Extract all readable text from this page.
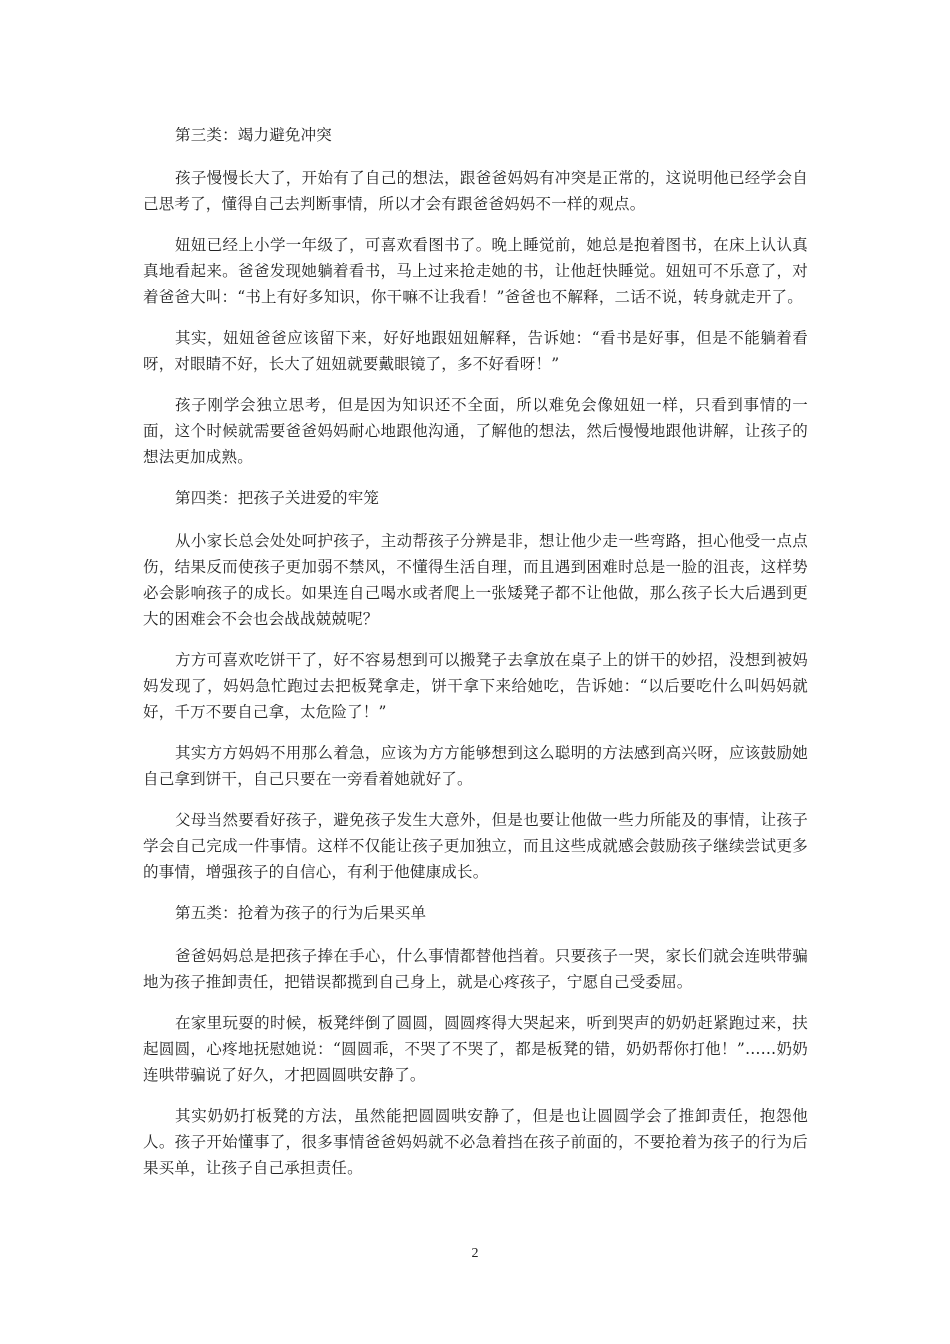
第三类：竭力避免冲突

孩子慢慢长大了，开始有了自己的想法，跟爸爸妈妈有冲突是正常的，这说明他已经学会自己思考了，懂得自己去判断事情，所以才会有跟爸爸妈妈不一样的观点。

妞妞已经上小学一年级了，可喜欢看图书了。晚上睡觉前，她总是抱着图书，在床上认认真真地看起来。爸爸发现她躺着看书，马上过来抢走她的书，让他赶快睡觉。妞妞可不乐意了，对着爸爸大叫：“书上有好多知识，你干嘛不让我看！”爸爸也不解释，二话不说，转身就走开了。

其实，妞妞爸爸应该留下来，好好地跟妞妞解释，告诉她：“看书是好事，但是不能躺着看呀，对眼睛不好，长大了妞妞就要戴眼镜了，多不好看呀！”

孩子刚学会独立思考，但是因为知识还不全面，所以难免会像妞妞一样，只看到事情的一面，这个时候就需要爸爸妈妈耐心地跟他沟通，了解他的想法，然后慢慢地跟他讲解，让孩子的想法更加成熟。

第四类：把孩子关进爱的牢笼

从小家长总会处处呵护孩子，主动帮孩子分辨是非，想让他少走一些弯路，担心他受一点点伤，结果反而使孩子更加弱不禁风，不懂得生活自理，而且遇到困难时总是一脸的沮丧，这样势必会影响孩子的成长。如果连自己喝水或者爬上一张矮凳子都不让他做，那么孩子长大后遇到更大的困难会不会也会战战兢兢呢？

方方可喜欢吃饼干了，好不容易想到可以搬凳子去拿放在桌子上的饼干的妙招，没想到被妈妈发现了，妈妈急忙跑过去把板凳拿走，饼干拿下来给她吃，告诉她：“以后要吃什么叫妈妈就好，千万不要自己拿，太危险了！”

其实方方妈妈不用那么着急，应该为方方能够想到这么聪明的方法感到高兴呀，应该鼓励她自己拿到饼干，自己只要在一旁看着她就好了。

父母当然要看好孩子，避免孩子发生大意外，但是也要让他做一些力所能及的事情，让孩子学会自己完成一件事情。这样不仅能让孩子更加独立，而且这些成就感会鼓励孩子继续尝试更多的事情，增强孩子的自信心，有利于他健康成长。

第五类：抢着为孩子的行为后果买单

爸爸妈妈总是把孩子捧在手心，什么事情都替他挡着。只要孩子一哭，家长们就会连哄带骗地为孩子推卸责任，把错误都揽到自己身上，就是心疼孩子，宁愿自己受委屈。

在家里玩耍的时候，板凳绊倒了圆圆，圆圆疼得大哭起来，听到哭声的奶奶赶紧跑过来，扶起圆圆，心疼地抚慰她说：“圆圆乖，不哭了不哭了，都是板凳的错，奶奶帮你打他！”……奶奶连哄带骗说了好久，才把圆圆哄安静了。

其实奶奶打板凳的方法，虽然能把圆圆哄安静了，但是也让圆圆学会了推卸责任，抱怨他人。孩子开始懂事了，很多事情爸爸妈妈就不必急着挡在孩子前面的，不要抢着为孩子的行为后果买单，让孩子自己承担责任。

2
